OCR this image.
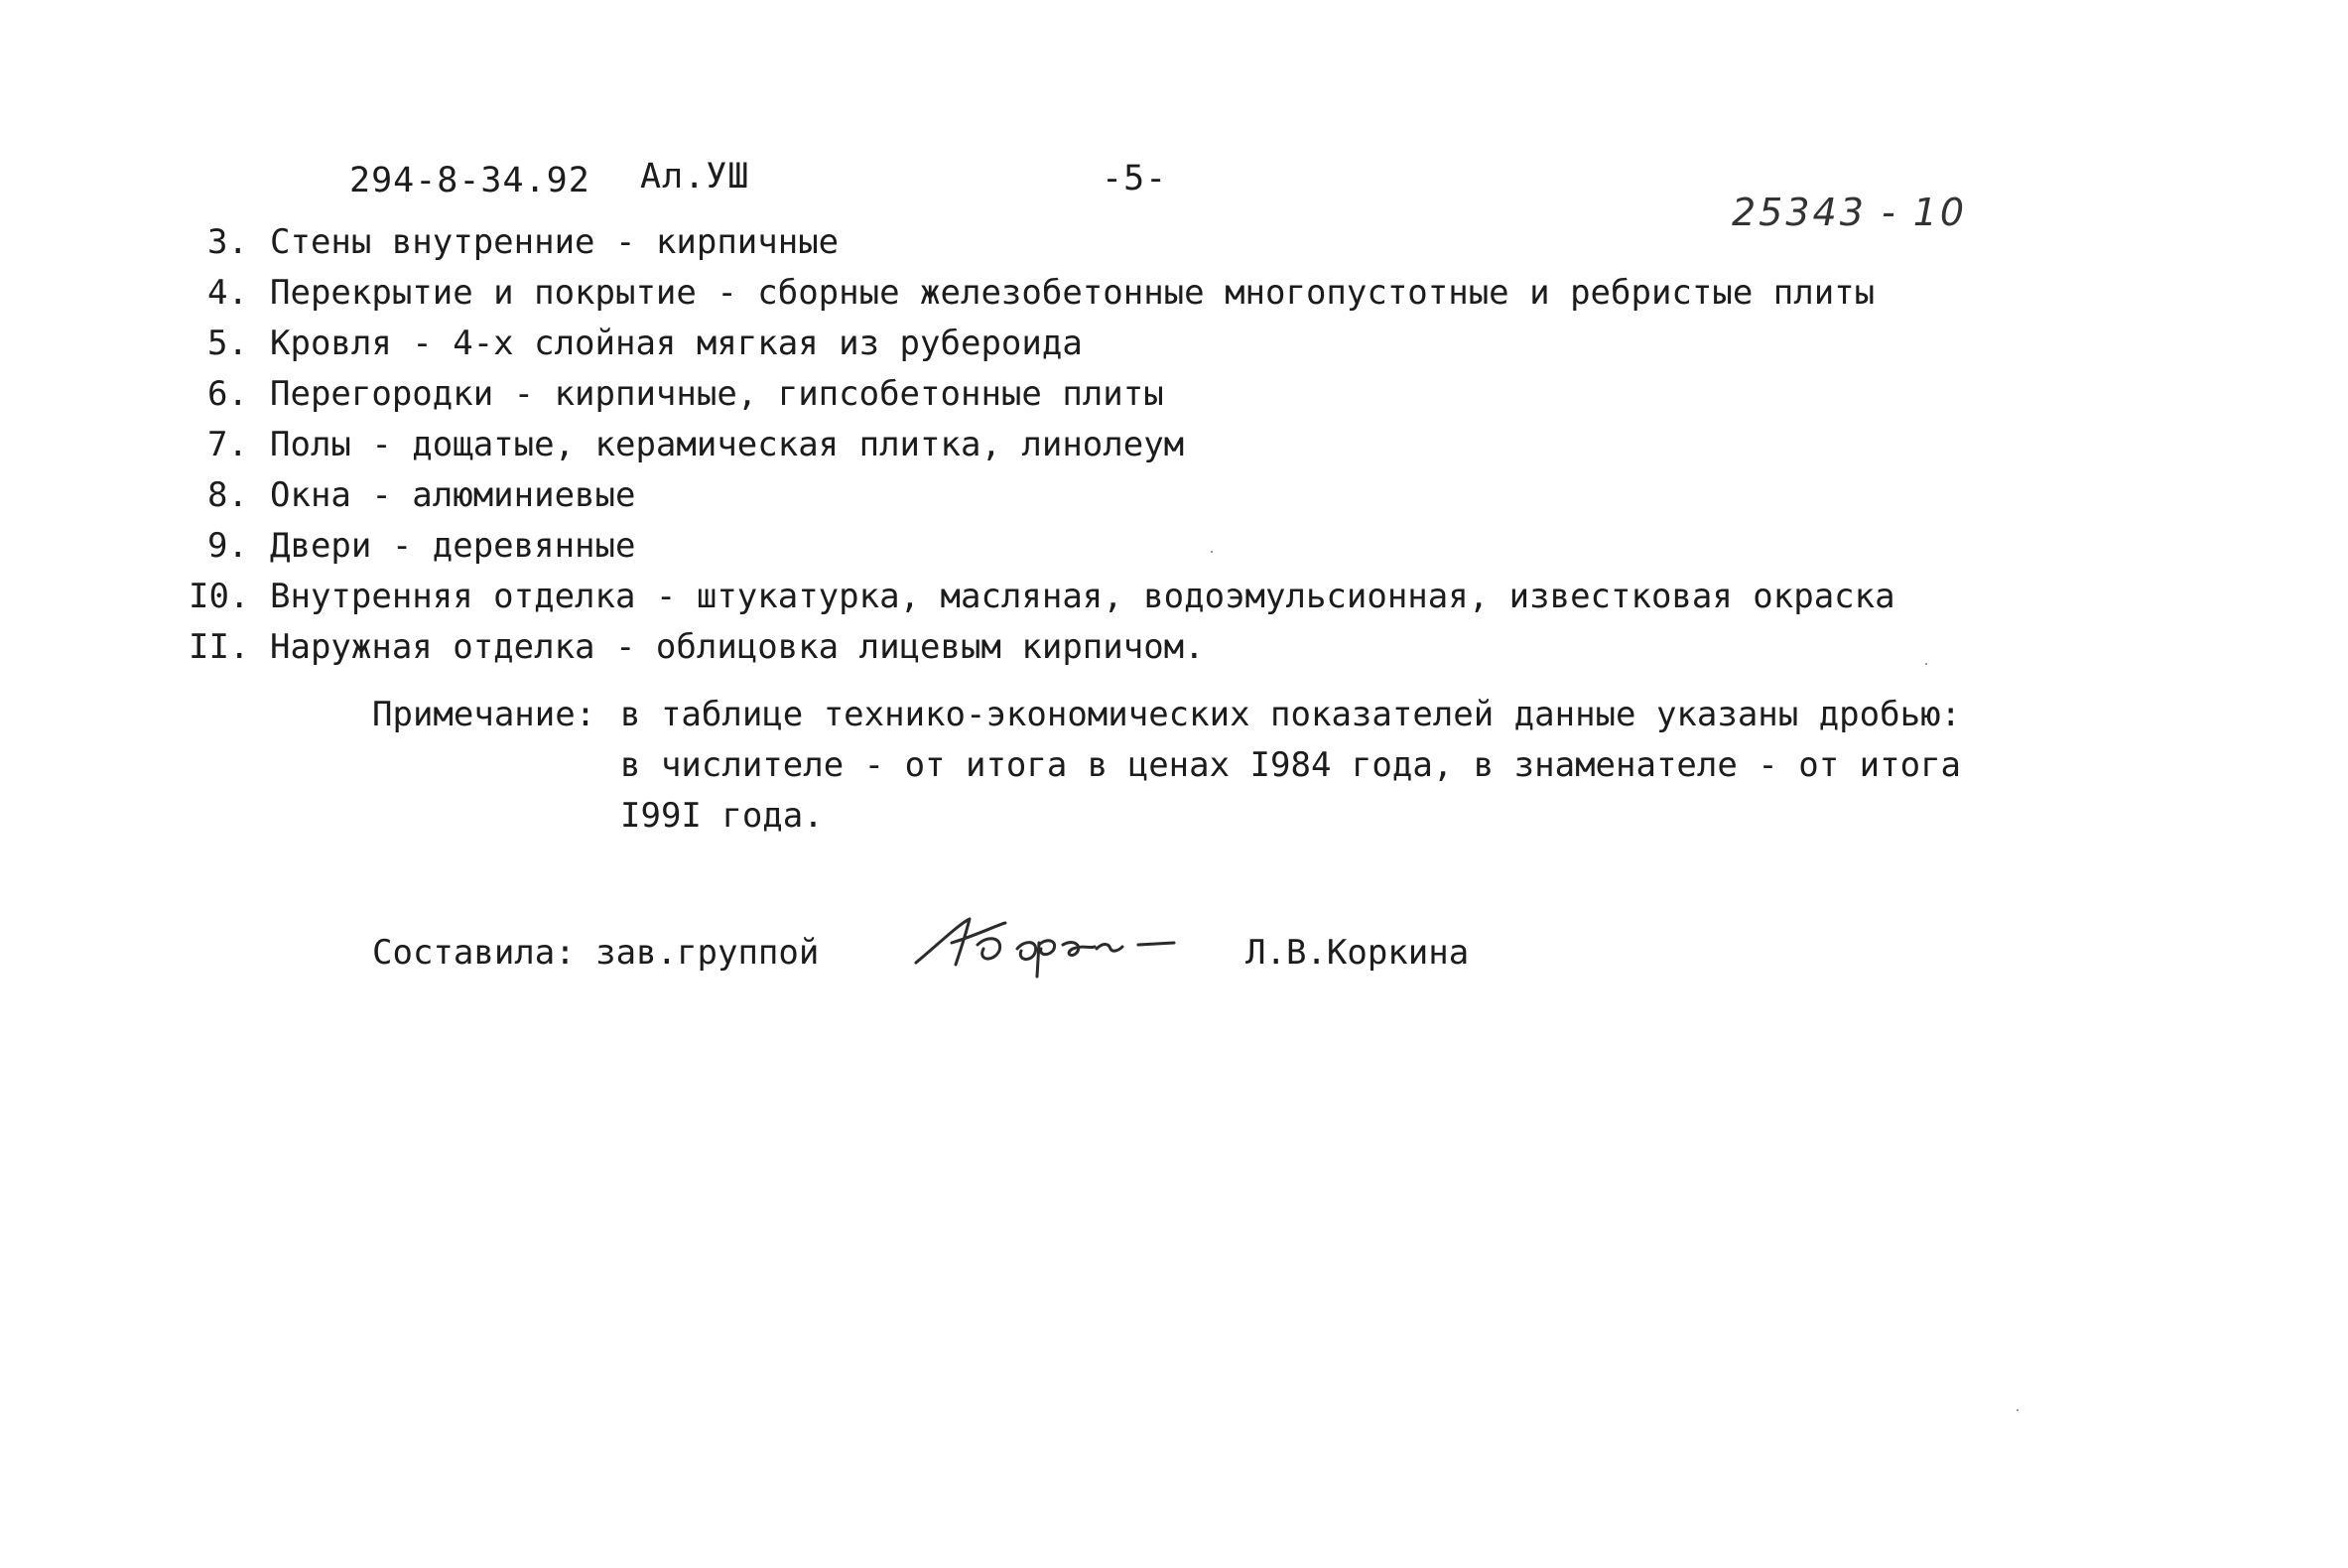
294-8-34.92 Ал.УШ	-5-
25343 - 10
3. Стены внутренние - кирпичные
4. Перекрытие и покрытие - сборные железобетонные многопустотные и ребристые плиты
5. Кровля - 4-х слойная мягкая из рубероида
6. Перегородки - кирпичные, гипсобетонные плиты
7. Полы - дощатые, керамическая плитка, линолеум
8. Окна - алюминиевые
9. Двери - деревянные
I0. Внутренняя отделка - штукатурка, масляная, водоэмульсионная, известковая окраска
II. Наружная отделка - облицовка лицевым кирпичом.
Примечание: в таблице технико-экономических показателей данные указаны дробью:
в числителе - от итога в ценах I984 года, в знаменателе - от итога
I99I года.
Составила: зав.группой	Л.В.Коркина
